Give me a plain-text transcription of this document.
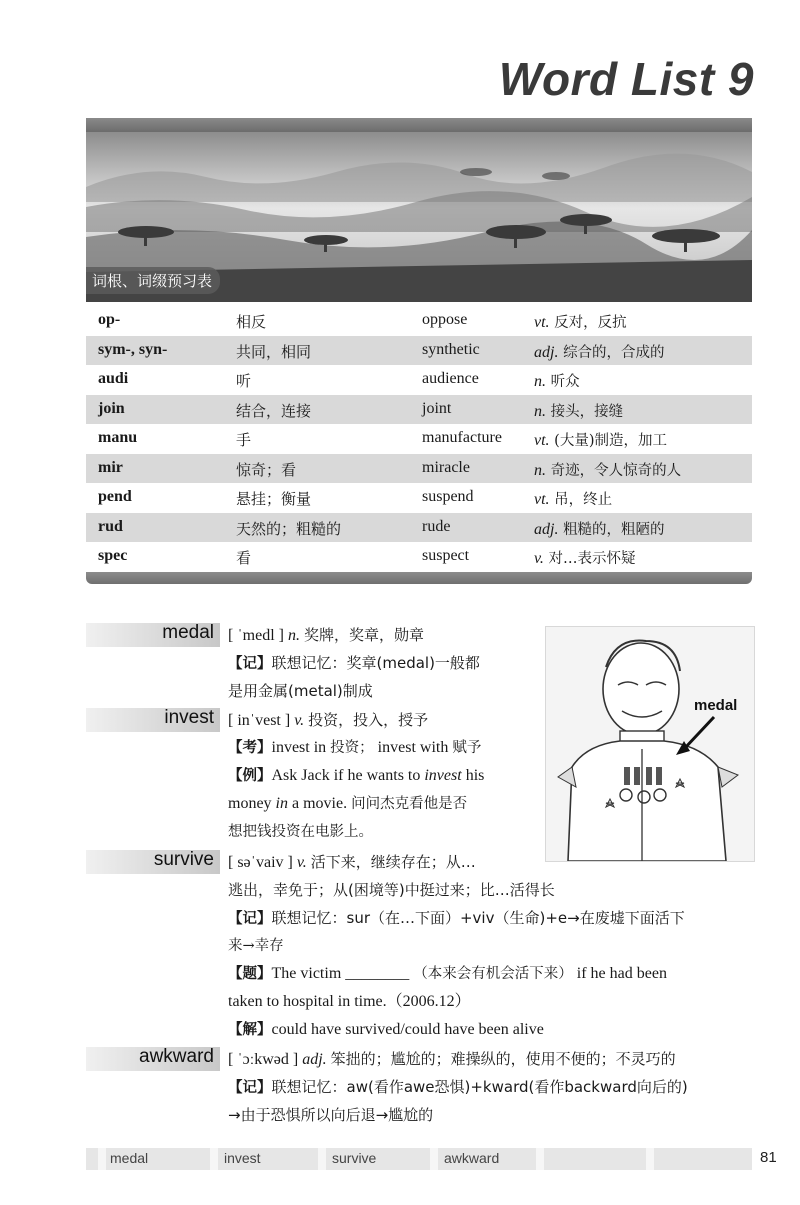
Word List 9
词根、词缀预习表
op-	相反	oppose	vt. 反对，反抗
sym-, syn-	共同，相同	synthetic	adj. 综合的，合成的
audi	听	audience	n. 听众
join	结合，连接	joint	n. 接头，接缝
manu	手	manufacture vt. (大量)制造，加工
mir	惊奇；看	miracle	n. 奇迹，令人惊奇的人
pend	悬挂；衡量	suspend	vt. 吊，终止
rud	天然的；粗糙的	rude	adj. 粗糙的，粗陋的
spec	看	suspect	v. 对…表示怀疑
medal
medal [ ˈmedl ] n. 奖牌，奖章，勋章
【记】联想记忆：奖章(medal)一般都
是用金属(metal)制成
invest [ inˈvest ] v. 投资，投入，授予
【考】invest in 投资； invest with 赋予
【例】Ask Jack if he wants to invest his
money in a movie. 问问杰克看他是否
想把钱投资在电影上。
survive [ səˈvaiv ] v. 活下来，继续存在；从…
逃出，幸免于；从(困境等)中挺过来；比…活得长
【记】联想记忆：sur（在…下面）+viv（生命)+e→在废墟下面活下
来→幸存
【题】The victim ________ （本来会有机会活下来） if he had been
taken to hospital in time.（2006.12）
【解】could have survived/could have been alive
awkward [ ˈɔːkwəd ] adj. 笨拙的；尴尬的；难操纵的，使用不便的；不灵巧的
【记】联想记忆：aw(看作awe恐惧)+kward(看作backward向后的)
→由于恐惧所以向后退→尴尬的
medal	invest	survive	awkward	81
